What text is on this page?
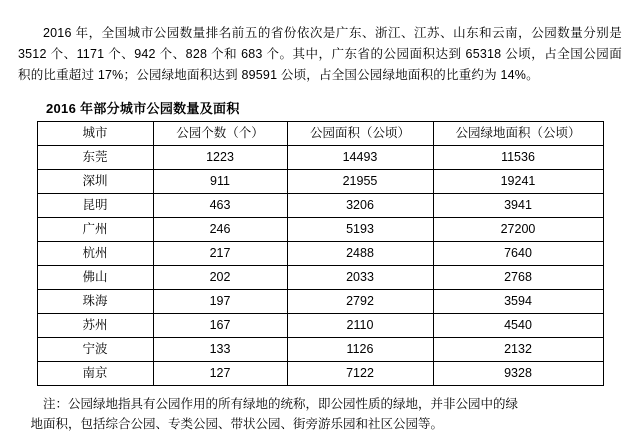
2016 年，全国城市公园数量排名前五的省份依次是广东、浙江、江苏、山东和云南，公园数量分别是 3512 个、1171 个、942 个、828 个和 683 个。其中，广东省的公园面积达到 65318 公顷，占全国公园面积的比重超过 17%；公园绿地面积达到 89591 公顷，占全国公园绿地面积的比重约为 14%。

2016 年部分城市公园数量及面积
城市	公园个数（个）	公园面积（公顷）	公园绿地面积（公顷）
东莞	1223	14493	11536
深圳	911	21955	19241
昆明	463	3206	3941
广州	246	5193	27200
杭州	217	2488	7640
佛山	202	2033	2768
珠海	197	2792	3594
苏州	167	2110	4540
宁波	133	1126	2132
南京	127	7122	9328
注：公园绿地指具有公园作用的所有绿地的统称，即公园性质的绿地，并非公园中的绿
地面积，包括综合公园、专类公园、带状公园、街旁游乐园和社区公园等。
